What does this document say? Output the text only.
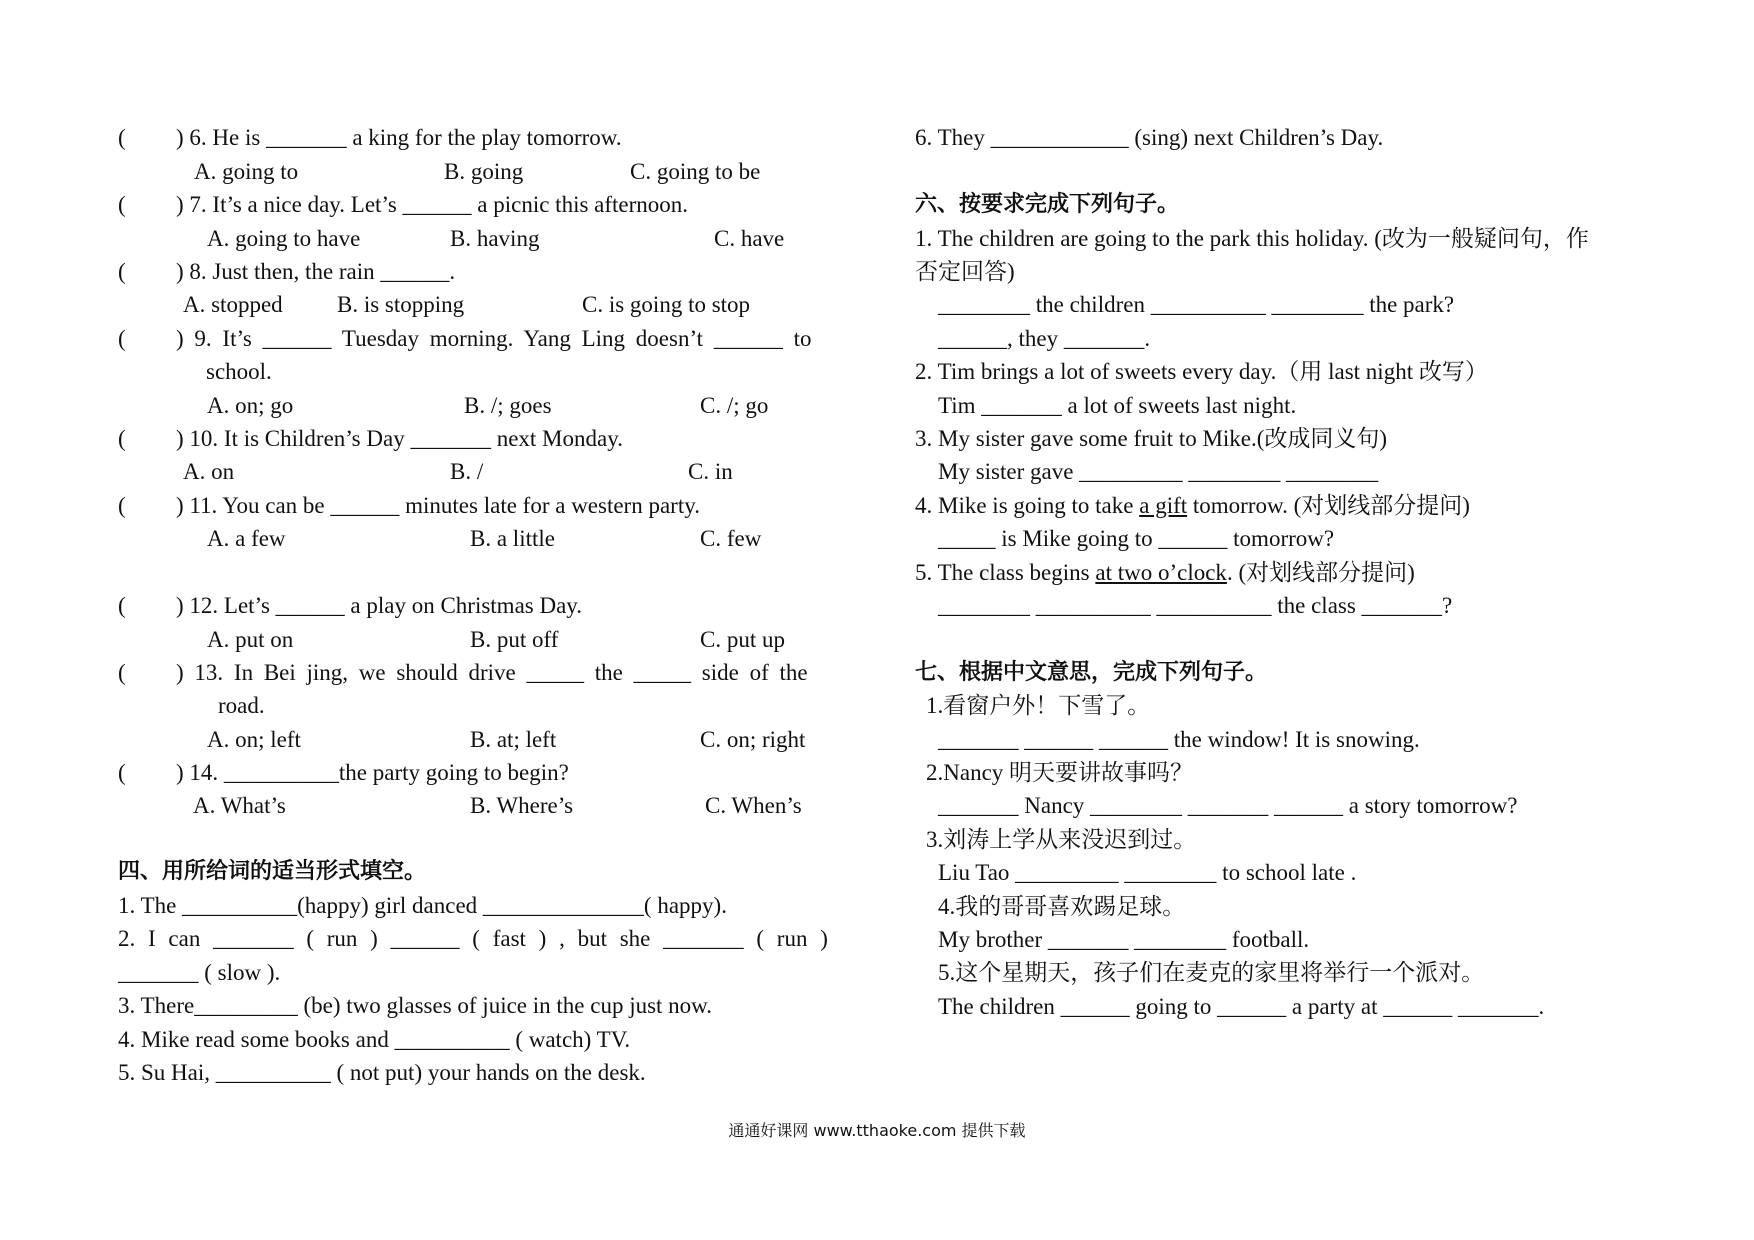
( ) 6. He is _______ a king for the play tomorrow.
A. going to	B. going	C. going to be
( ) 7. It’s a nice day. Let’s ______ a picnic this afternoon.
A. going to have	B. having	C. have
( ) 8. Just then, the rain ______.
A. stopped B. is stopping	C. is going to stop
( ) 9. It’s ______ Tuesday morning. Yang Ling doesn’t ______ to
school.
A. on; go	B. /; goes	C. /; go
( ) 10. It is Children’s Day _______ next Monday.
A. on	B. /	C. in
( ) 11. You can be ______ minutes late for a western party.
A. a few	B. a little	C. few
( ) 12. Let’s ______ a play on Christmas Day.
A. put on	B. put off	C. put up
( ) 13. In Bei jing, we should drive _____ the _____ side of the
road.
A. on; left	B. at; left	C. on; right
( ) 14. __________the party going to begin?
A. What’s	B. Where’s	C. When’s
四、用所给词的适当形式填空。
1. The __________(happy) girl danced ______________( happy).
2. I can _______ ( run ) ______ ( fast ) , but she _______ ( run )
_______ ( slow ).
3. There_________ (be) two glasses of juice in the cup just now.
4. Mike read some books and __________ ( watch) TV.
5. Su Hai, __________ ( not put) your hands on the desk.
6. They ____________ (sing) next Children’s Day.
六、按要求完成下列句子。
1. The children are going to the park this holiday. (改为一般疑问句，作
否定回答)
________ the children __________ ________ the park?
______, they _______.
2. Tim brings a lot of sweets every day.（用 last night 改写）
Tim _______ a lot of sweets last night.
3. My sister gave some fruit to Mike.(改成同义句)
My sister gave _________ ________ ________
4. Mike is going to take a gift tomorrow. (对划线部分提问)
_____ is Mike going to ______ tomorrow?
5. The class begins at two o’clock. (对划线部分提问)
________ __________ __________ the class _______?
七、根据中文意思，完成下列句子。
1.看窗户外！下雪了。
_______ ______ ______ the window! It is snowing.
2.Nancy 明天要讲故事吗？
_______ Nancy ________ _______ ______ a story tomorrow?
3.刘涛上学从来没迟到过。
Liu Tao _________ ________ to school late .
4.我的哥哥喜欢踢足球。
My brother _______ ________ football.
5.这个星期天，孩子们在麦克的家里将举行一个派对。
The children ______ going to ______ a party at ______ _______.
通通好课网 www.tthaoke.com 提供下载
